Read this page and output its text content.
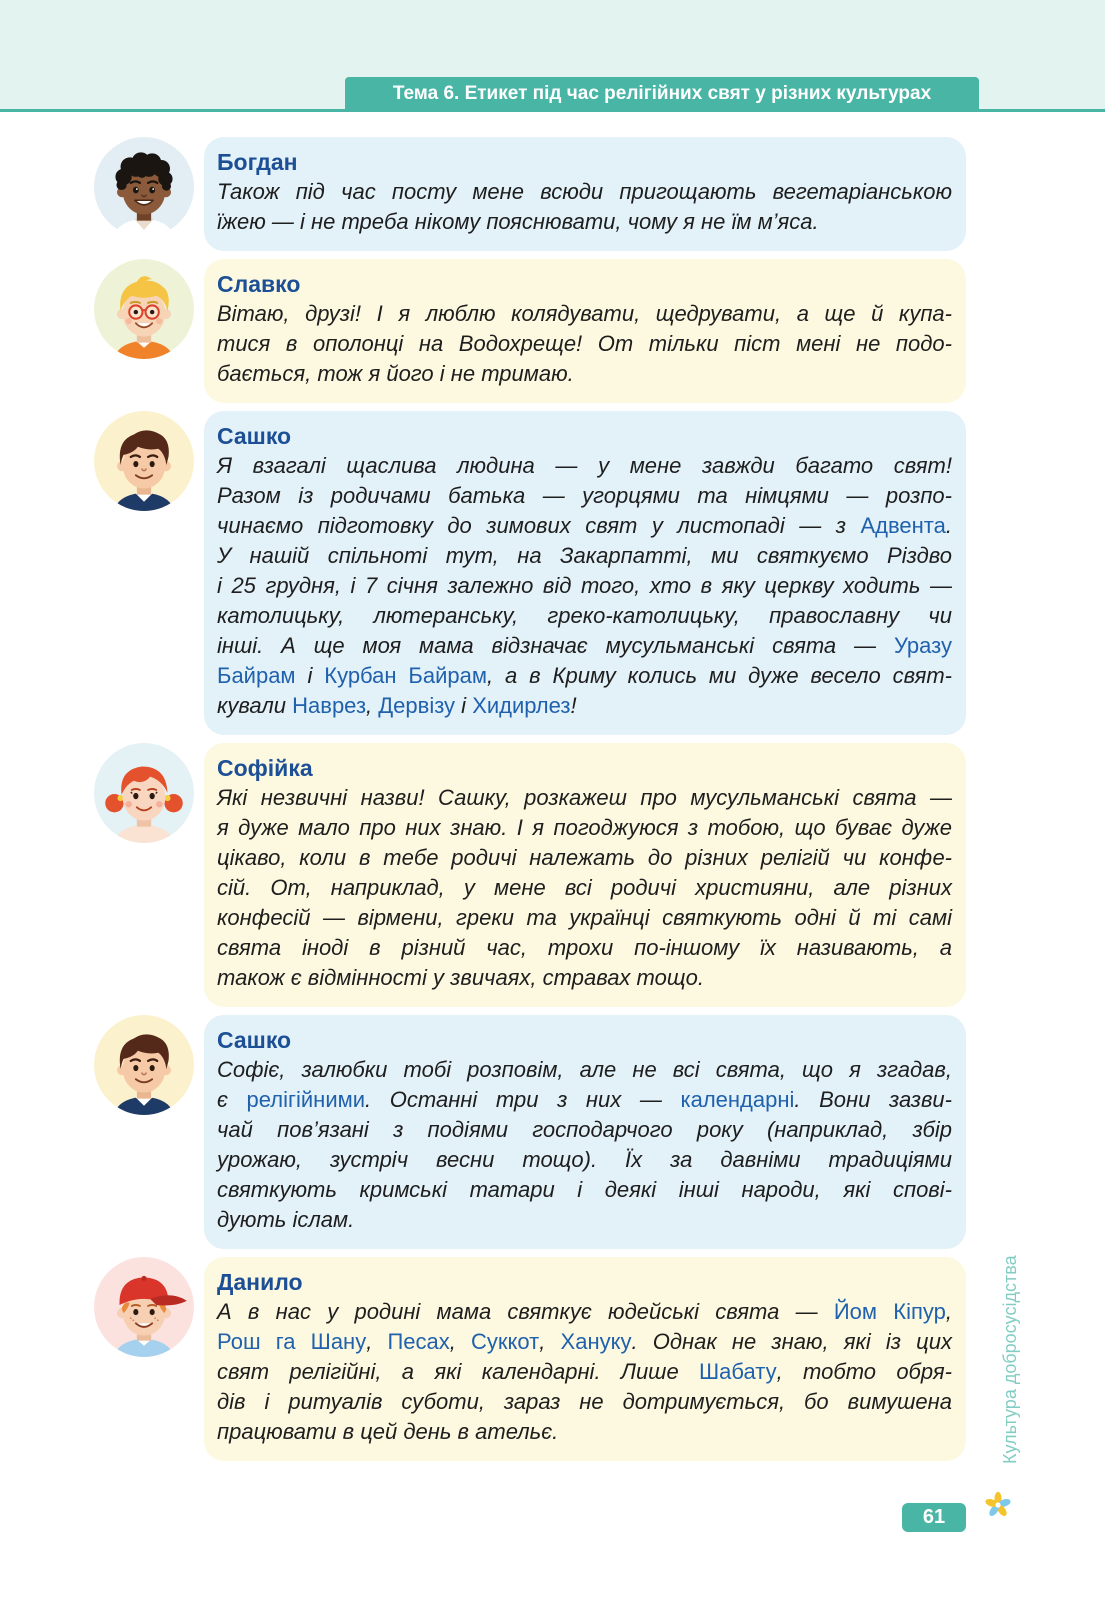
Тема 6. Етикет під час релігійних свят у різних культурах
Богдан
Також під час посту мене всюди пригощають вегетаріанською
їжею — і не треба нікому пояснювати, чому я не їм м’яса.
Славко
Вітаю, друзі! І я люблю колядувати, щедрувати, а ще й купа-
тися в ополонці на Водохреще! От тільки піст мені не подо-
бається, тож я його і не тримаю.
Сашко
Я взагалі щаслива людина — у мене завжди багато свят!
Разом із родичами батька — угорцями та німцями — розпо-
чинаємо підготовку до зимових свят у листопаді — з Адвента.
У нашій спільноті тут, на Закарпатті, ми святкуємо Різдво
і 25 грудня, і 7 січня залежно від того, хто в яку церкву ходить —
католицьку, лютеранську, греко-католицьку, православну чи
інші. А ще моя мама відзначає мусульманські свята — Уразу
Байрам і Курбан Байрам, а в Криму колись ми дуже весело свят-
кували Наврез, Дервізу і Хидирлез!
Софійка
Які незвичні назви! Сашку, розкажеш про мусульманські свята —
я дуже мало про них знаю. І я погоджуюся з тобою, що буває дуже
цікаво, коли в тебе родичі належать до різних релігій чи конфе-
сій. От, наприклад, у мене всі родичі християни, але різних
конфесій — вірмени, греки та українці святкують одні й ті самі
свята іноді в різний час, трохи по-іншому їх називають, а
також є відмінності у звичаях, стравах тощо.
Сашко
Софіє, залюбки тобі розповім, але не всі свята, що я згадав,
є релігійними. Останні три з них — календарні. Вони зазви-
чай пов’язані з подіями господарчого року (наприклад, збір
урожаю, зустріч весни тощо). Їх за давніми традиціями
святкують кримські татари і деякі інші народи, які спові-
дують іслам.
Данило
А в нас у родині мама святкує юдейські свята — Йом Кіпур,
Рош га Шану, Песах, Суккот, Хануку. Однак не знаю, які із цих
свят релігійні, а які календарні. Лише Шабату, тобто обря-
дів і ритуалів суботи, зараз не дотримується, бо вимушена
працювати в цей день в ательє.	Культура добросусідства
61
